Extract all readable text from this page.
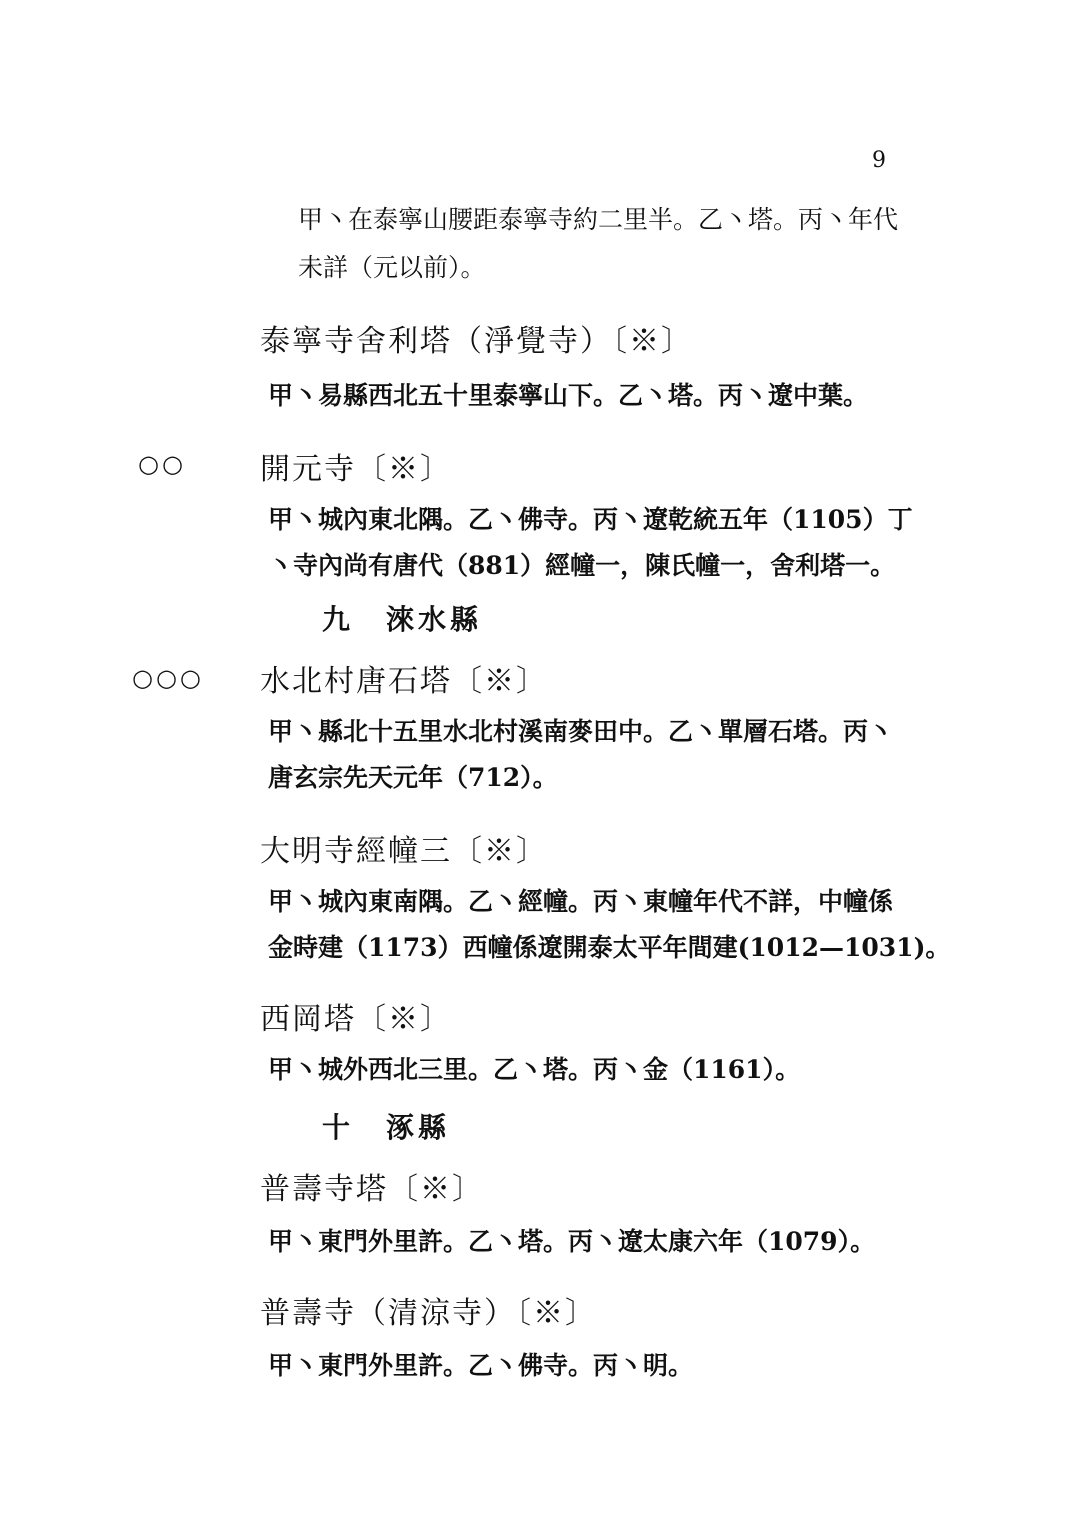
9
甲丶在泰寧山腰距泰寧寺約二里半。乙丶塔。丙丶年代
未詳（元以前）。
泰寧寺舍利塔（淨覺寺）〔※〕
甲丶易縣西北五十里泰寧山下。乙丶塔。丙丶遼中葉。
○○ 開元寺〔※〕
甲丶城內東北隅。乙丶佛寺。丙丶遼乾統五年（1105）丁
丶寺內尚有唐代（881）經幢一，陳氏幢一，舍利塔一。
九　淶水縣
○○○ 水北村唐石塔〔※〕
甲丶縣北十五里水北村溪南麥田中。乙丶單層石塔。丙丶
唐玄宗先天元年（712）。
大明寺經幢三〔※〕
甲丶城內東南隅。乙丶經幢。丙丶東幢年代不詳，中幢係
金時建（1173）西幢係遼開泰太平年間建(1012—1031)。
西岡塔〔※〕
甲丶城外西北三里。乙丶塔。丙丶金（1161）。
十　涿縣
普壽寺塔〔※〕
甲丶東門外里許。乙丶塔。丙丶遼太康六年（1079）。
普壽寺（清涼寺）〔※〕
甲丶東門外里許。乙丶佛寺。丙丶明。
